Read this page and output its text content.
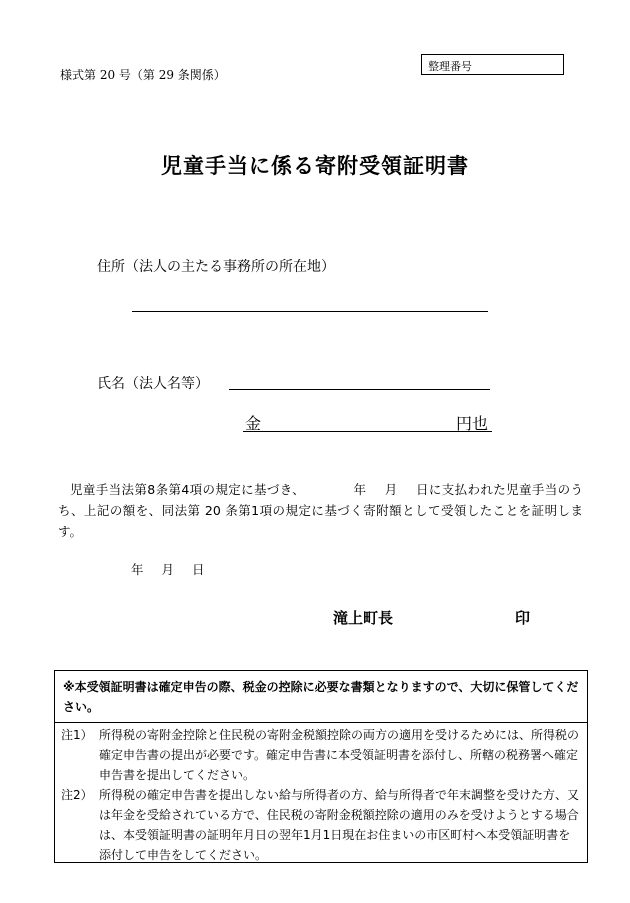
様式第 20 号（第 29 条関係）
整理番号
児童手当に係る寄附受領証明書
住所（法人の主たる事務所の所在地）
氏名（法人名等）
金	円也
児童手当法第8条第4項の規定に基づき、	年 月 日に支払われた児童手当のうち、上記の額を、同法第 20 条第1項の規定に基づく寄附額として受領したことを証明します。
年 月 日
滝上町長	印
※本受領証明書は確定申告の際、税金の控除に必要な書類となりますので、大切に保管してください。
注1） 所得税の寄附金控除と住民税の寄附金税額控除の両方の適用を受けるためには、所得税の確定申告書の提出が必要です。確定申告書に本受領証明書を添付し、所轄の税務署へ確定申告書を提出してください。
注2） 所得税の確定申告書を提出しない給与所得者の方、給与所得者で年末調整を受けた方、又は年金を受給されている方で、住民税の寄附金税額控除の適用のみを受けようとする場合は、本受領証明書の証明年月日の翌年1月1日現在お住まいの市区町村へ本受領証明書を添付して申告をしてください。
